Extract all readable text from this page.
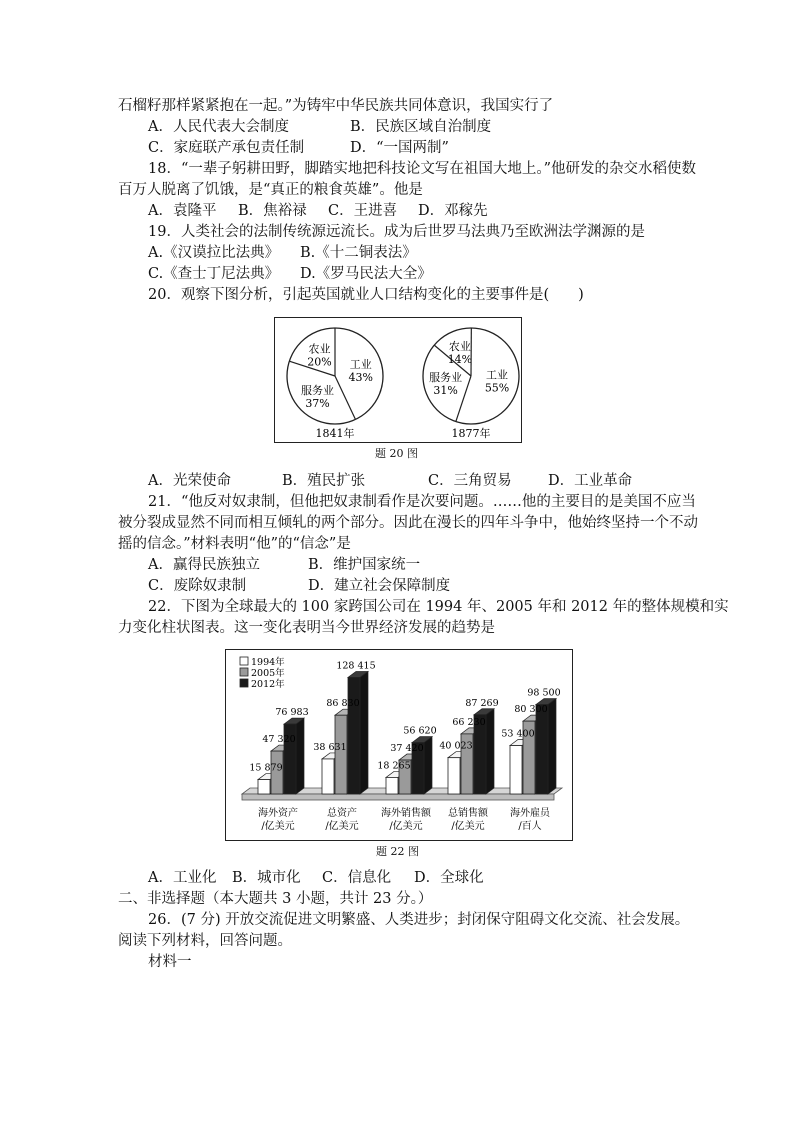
石榴籽那样紧紧抱在一起。”为铸牢中华民族共同体意识，我国实行了
A．人民代表大会制度	B．民族区域自治制度
C．家庭联产承包责任制	D．“一国两制”
18．“一辈子躬耕田野，脚踏实地把科技论文写在祖国大地上。”他研发的杂交水稻使数
百万人脱离了饥饿，是“真正的粮食英雄”。他是
A．袁隆平 B．焦裕禄 C．王进喜 D．邓稼先
19．人类社会的法制传统源远流长。成为后世罗马法典乃至欧洲法学渊源的是
A.《汉谟拉比法典》 B.《十二铜表法》
C.《查士丁尼法典》 D.《罗马民法大全》
20．观察下图分析，引起英国就业人口结构变化的主要事件是(　　)
农业
20% 工业
43%
服务业
37%
农业
14%
工业
55%
服务业
31%
1841年	1877年
题 20 图
A．光荣使命	B．殖民扩张	C．三角贸易	D．工业革命
21．“他反对奴隶制，但他把奴隶制看作是次要问题。……他的主要目的是美国不应当
被分裂成显然不同而相互倾轧的两个部分。因此在漫长的四年斗争中，他始终坚持一个不动
摇的信念。”材料表明“他”的“信念”是
A．赢得民族独立	B．维护国家统一
C．废除奴隶制	D．建立社会保障制度
22．下图为全球最大的 100 家跨国公司在 1994 年、2005 年和 2012 年的整体规模和实
力变化柱状图表。这一变化表明当今世界经济发展的趋势是
1994年
2005年
2012年
15 879
38 631
18 265
40 023
53 400
47 320
86 830
37 420
66 230
80 300
76 983
128 415
56 620
87 269
98 500
海外资产
/亿美元
总资产
/亿美元
海外销售额
/亿美元
总销售额
/亿美元
海外雇员
/百人
题 22 图
A．工业化 B．城市化 C．信息化 D．全球化
二、非选择题（本大题共 3 小题，共计 23 分。）
26．(7 分) 开放交流促进文明繁盛、人类进步；封闭保守阻碍文化交流、社会发展。
阅读下列材料，回答问题。
材料一
